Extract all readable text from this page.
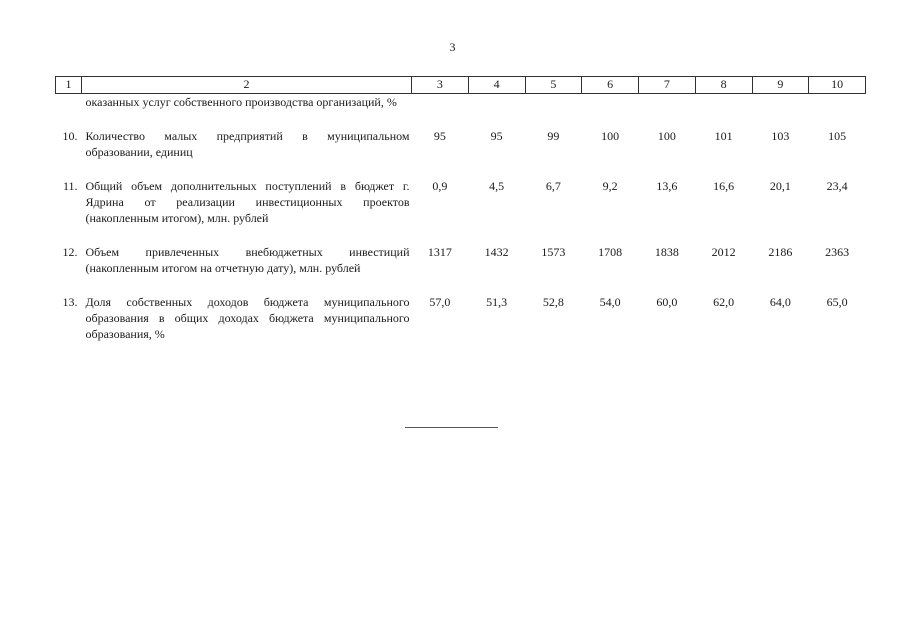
3
1	2	3	4	5	6	7	8	9	10
	оказанных услуг собственного производства организаций, %								
10.	Количество малых предприятий в муниципальном образовании, единиц	95	95	99	100	100	101	103	105
11.	Общий объем дополнительных поступлений в бюджет г. Ядрина от реализации инвестиционных проектов (накопленным итогом), млн. рублей	0,9	4,5	6,7	9,2	13,6	16,6	20,1	23,4
12.	Объем привлеченных внебюджетных инвестиций (накопленным итогом на отчетную дату), млн. рублей	1317	1432	1573	1708	1838	2012	2186	2363
13.	Доля собственных доходов бюджета муниципального образования в общих доходах бюджета муниципального образования, %	57,0	51,3	52,8	54,0	60,0	62,0	64,0	65,0
